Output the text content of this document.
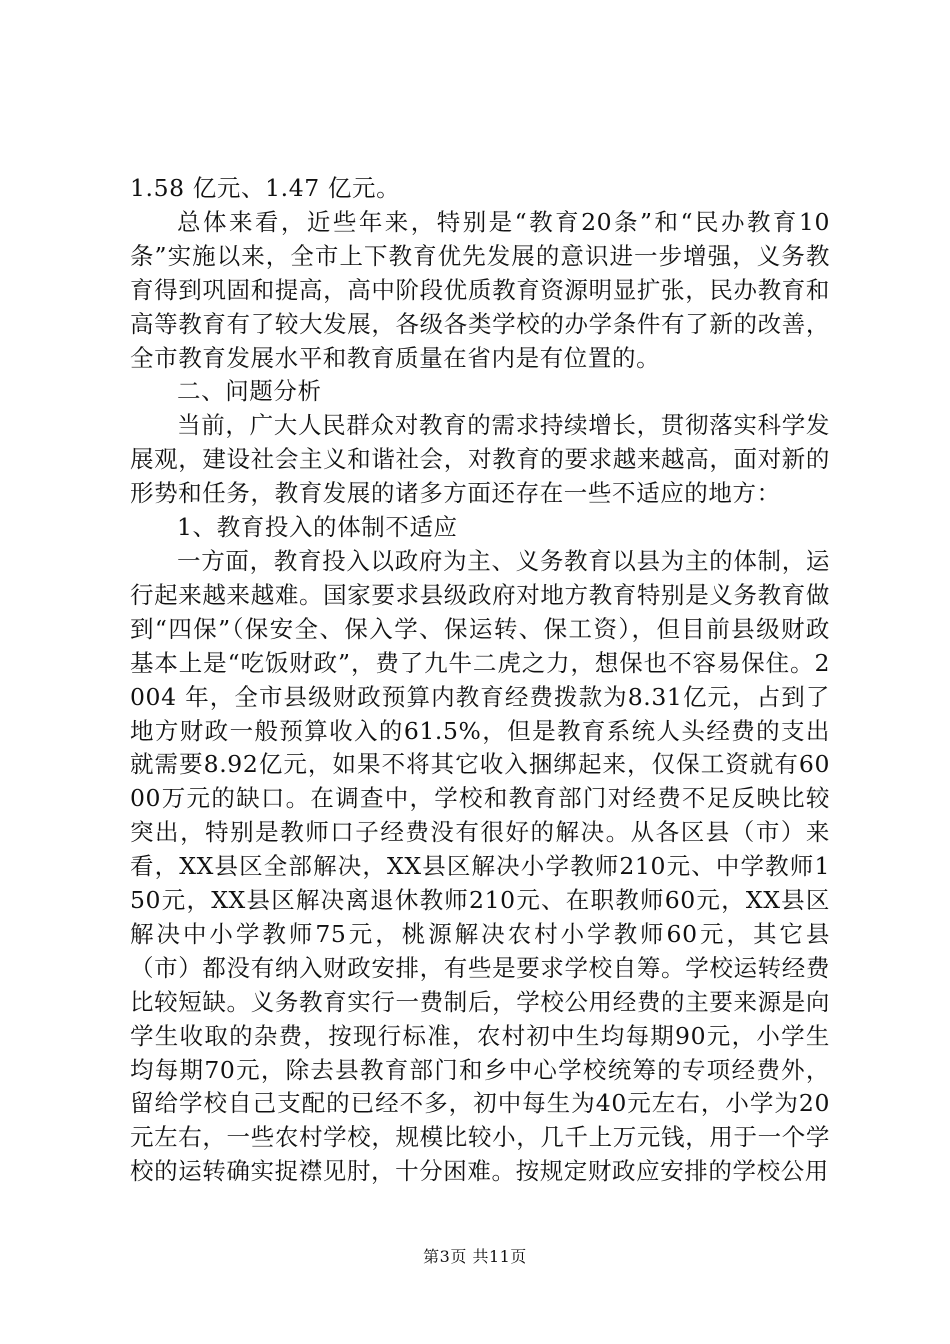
1.58 亿元、1.47 亿元。

总体来看，近些年来，特别是“教育20条”和“民办教育10条”实施以来，全市上下教育优先发展的意识进一步增强，义务教育得到巩固和提高，高中阶段优质教育资源明显扩张，民办教育和高等教育有了较大发展，各级各类学校的办学条件有了新的改善，全市教育发展水平和教育质量在省内是有位置的。

二、问题分析

当前，广大人民群众对教育的需求持续增长，贯彻落实科学发展观，建设社会主义和谐社会，对教育的要求越来越高，面对新的形势和任务，教育发展的诸多方面还存在一些不适应的地方：

1、教育投入的体制不适应

一方面，教育投入以政府为主、义务教育以县为主的体制，运行起来越来越难。国家要求县级政府对地方教育特别是义务教育做到“四保”（保安全、保入学、保运转、保工资），但目前县级财政基本上是“吃饭财政”，费了九牛二虎之力，想保也不容易保住。2004 年，全市县级财政预算内教育经费拨款为8.31亿元，占到了地方财政一般预算收入的61.5%，但是教育系统人头经费的支出就需要8.92亿元，如果不将其它收入捆绑起来，仅保工资就有6000万元的缺口。在调查中，学校和教育部门对经费不足反映比较突出，特别是教师口子经费没有很好的解决。从各区县（市）来看，XX县区全部解决，XX县区解决小学教师210元、中学教师150元，XX县区解决离退休教师210元、在职教师60元，XX县区解决中小学教师75元，桃源解决农村小学教师60元，其它县（市）都没有纳入财政安排，有些是要求学校自筹。学校运转经费比较短缺。义务教育实行一费制后，学校公用经费的主要来源是向学生收取的杂费，按现行标准，农村初中生均每期90元，小学生均每期70元，除去县教育部门和乡中心学校统筹的专项经费外，留给学校自己支配的已经不多，初中每生为40元左右，小学为20元左右，一些农村学校，规模比较小，几千上万元钱，用于一个学校的运转确实捉襟见肘，十分困难。按规定财政应安排的学校公用

第3页 共11页
